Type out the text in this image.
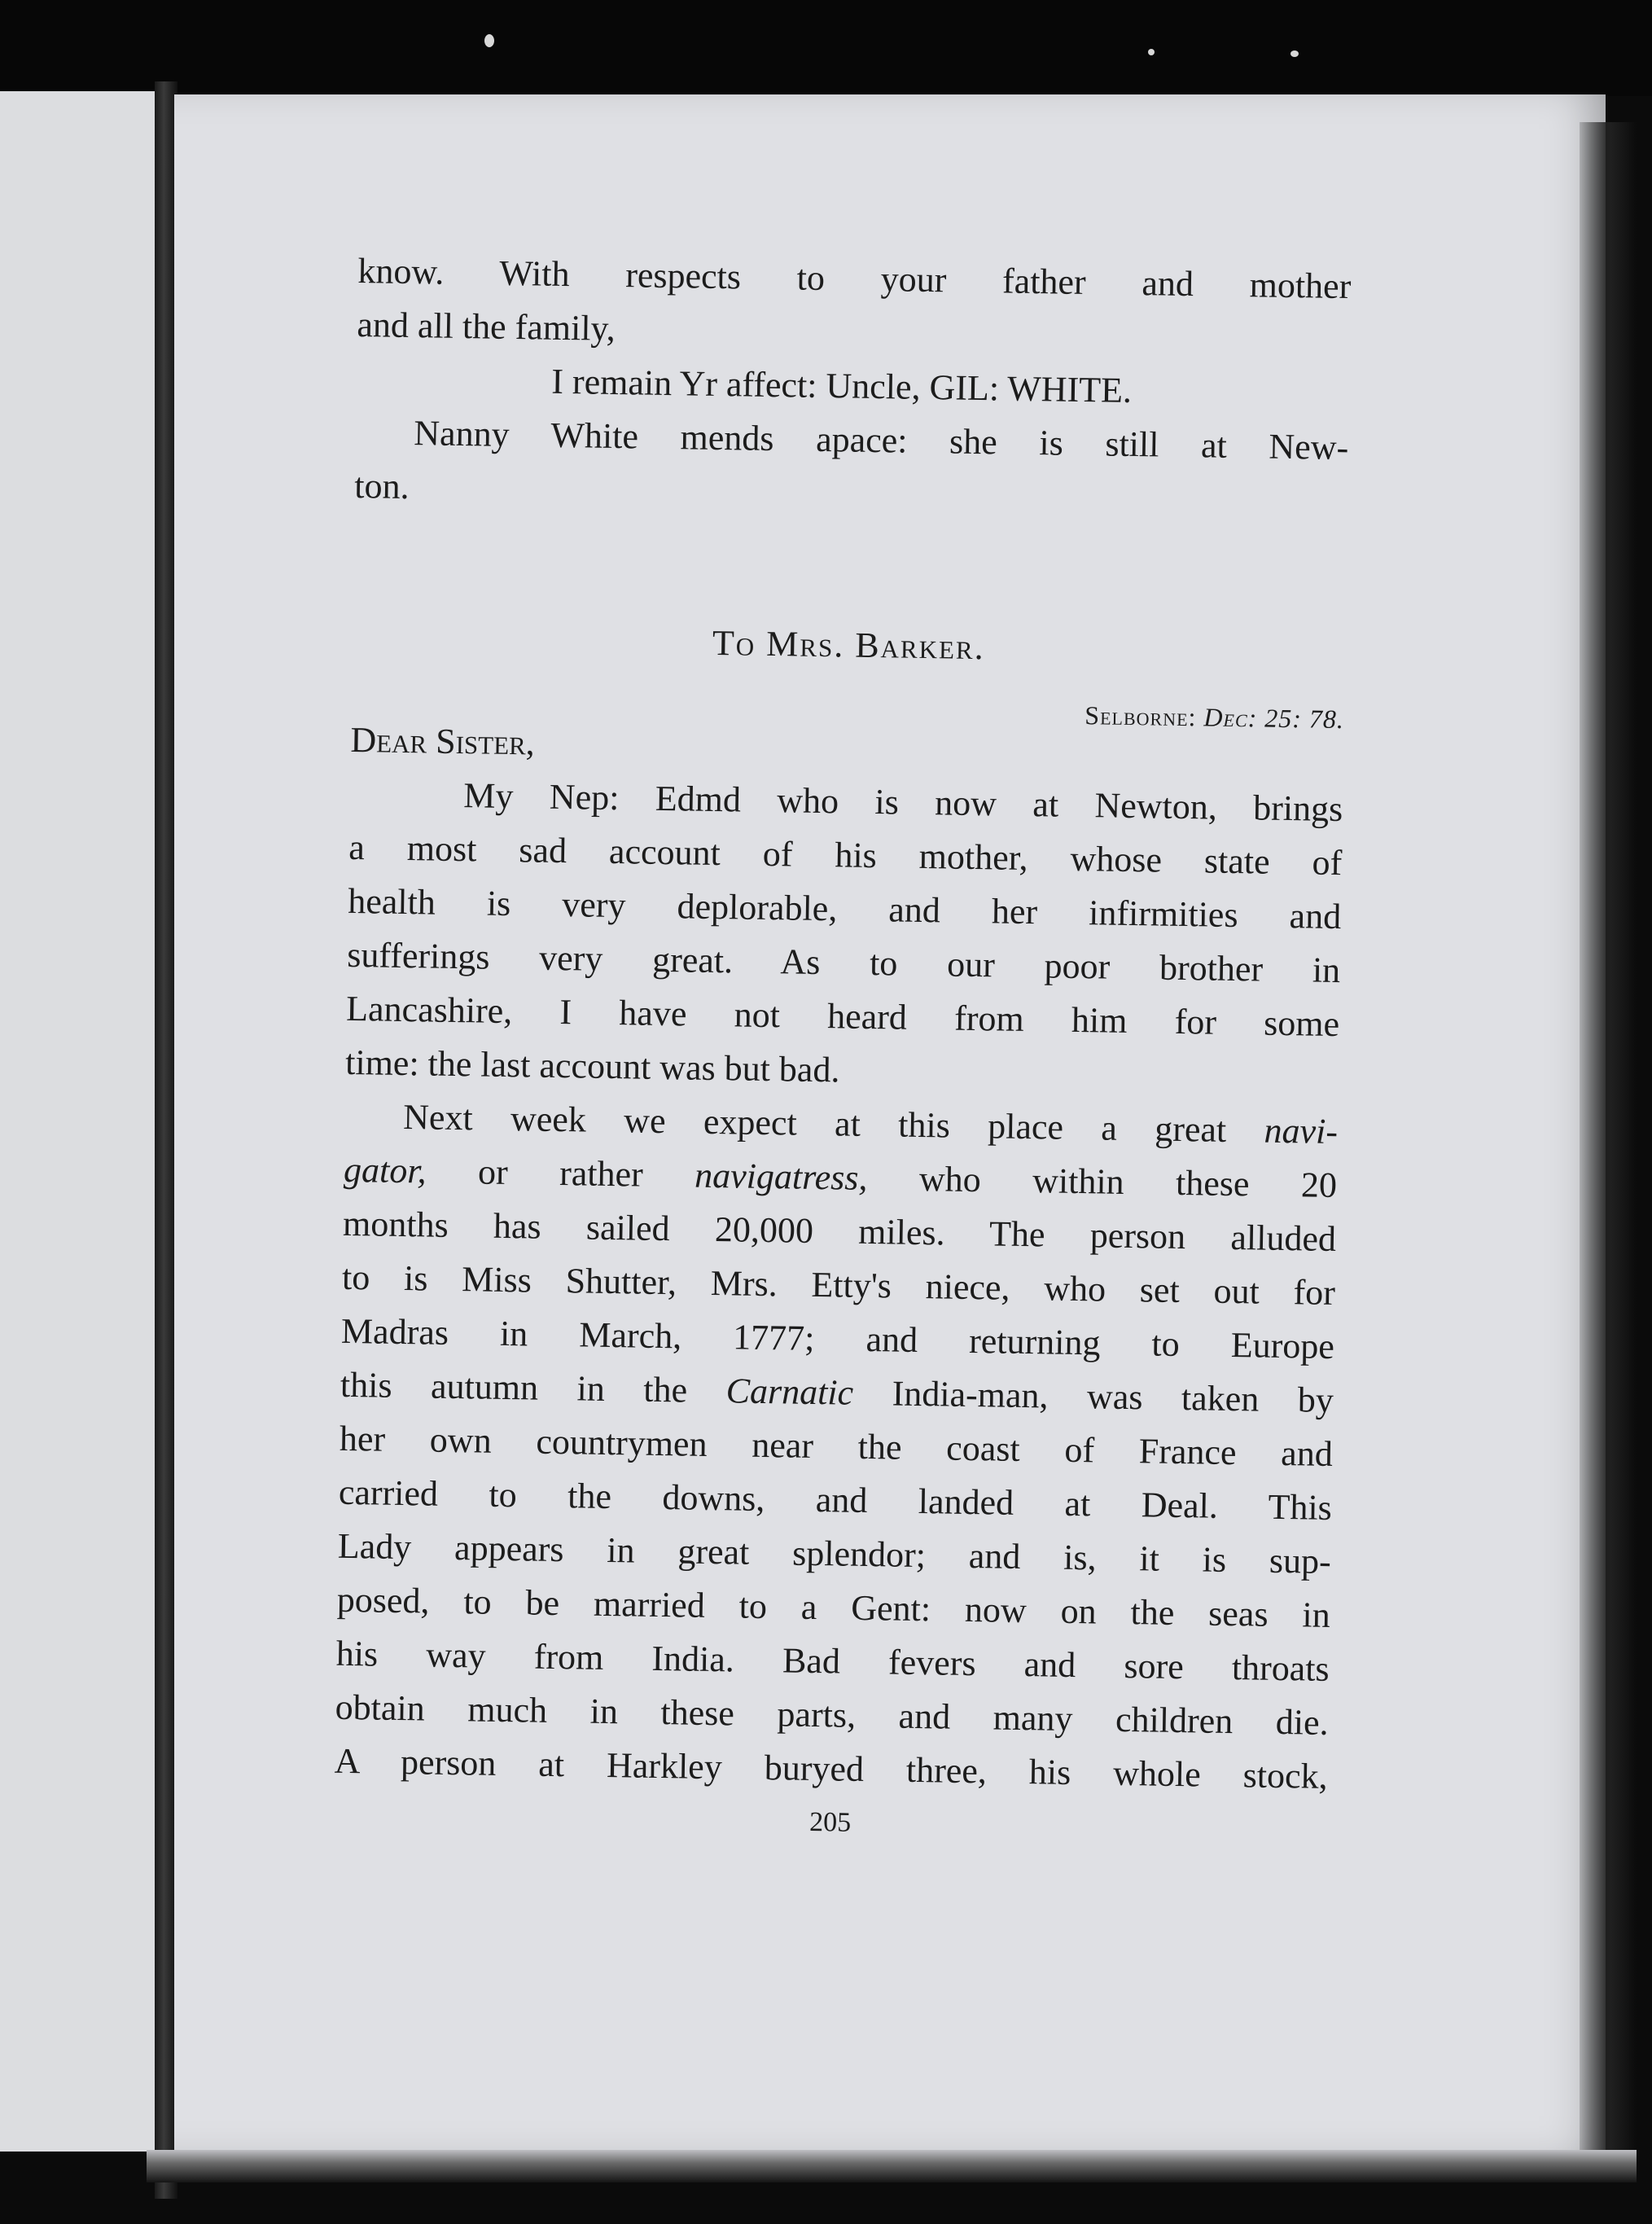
know. With respects to your father and mother
and all the family,
I remain Yr affect: Uncle, GIL: WHITE.
Nanny White mends apace: she is still at New-
ton.
To Mrs. Barker.
Selborne: Dec: 25: 78.
Dear Sister,
My Nep: Edmd who is now at Newton, brings
a most sad account of his mother, whose state of
health is very deplorable, and her infirmities and
sufferings very great. As to our poor brother in
Lancashire, I have not heard from him for some
time: the last account was but bad.
Next week we expect at this place a great navi-
gator, or rather navigatress, who within these 20
months has sailed 20,000 miles. The person alluded
to is Miss Shutter, Mrs. Etty's niece, who set out for
Madras in March, 1777; and returning to Europe
this autumn in the Carnatic India-man, was taken by
her own countrymen near the coast of France and
carried to the downs, and landed at Deal. This
Lady appears in great splendor; and is, it is sup-
posed, to be married to a Gent: now on the seas in
his way from India. Bad fevers and sore throats
obtain much in these parts, and many children die.
A person at Harkley buryed three, his whole stock,
205
